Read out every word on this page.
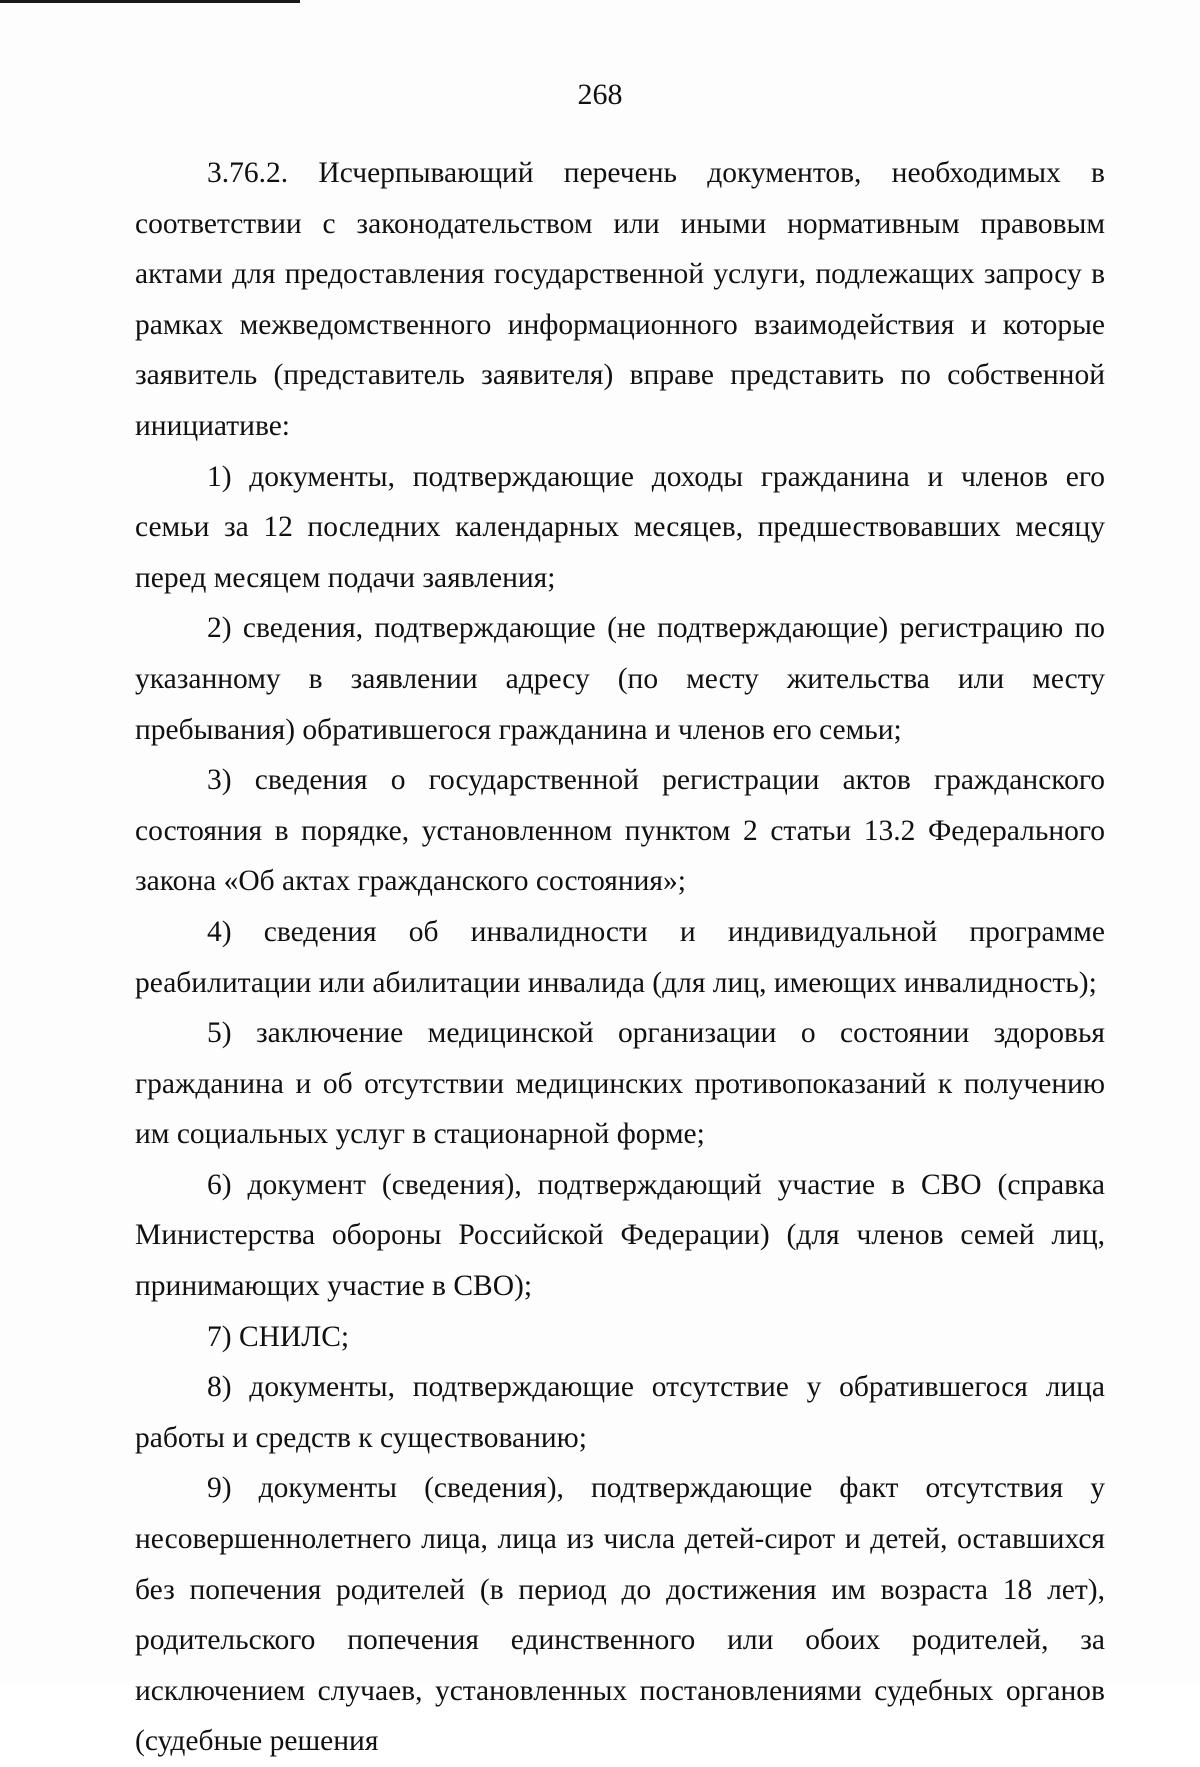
268

3.76.2. Исчерпывающий перечень документов, необходимых в соответствии с законодательством или иными нормативным правовым актами для предоставления государственной услуги, подлежащих запросу в рамках межведомственного информационного взаимодействия и которые заявитель (представитель заявителя) вправе представить по собственной инициативе:

1) документы, подтверждающие доходы гражданина и членов его семьи за 12 последних календарных месяцев, предшествовавших месяцу перед месяцем подачи заявления;

2) сведения, подтверждающие (не подтверждающие) регистрацию по указанному в заявлении адресу (по месту жительства или месту пребывания) обратившегося гражданина и членов его семьи;

3) сведения о государственной регистрации актов гражданского состояния в порядке, установленном пунктом 2 статьи 13.2 Федерального закона «Об актах гражданского состояния»;

4) сведения об инвалидности и индивидуальной программе реабилитации или абилитации инвалида (для лиц, имеющих инвалидность);

5) заключение медицинской организации о состоянии здоровья гражданина и об отсутствии медицинских противопоказаний к получению им социальных услуг в стационарной форме;

6) документ (сведения), подтверждающий участие в СВО (справка Министерства обороны Российской Федерации) (для членов семей лиц, принимающих участие в СВО);

7) СНИЛС;

8) документы, подтверждающие отсутствие у обратившегося лица работы и средств к существованию;

9) документы (сведения), подтверждающие факт отсутствия у несовершеннолетнего лица, лица из числа детей-сирот и детей, оставшихся без попечения родителей (в период до достижения им возраста 18 лет), родительского попечения единственного или обоих родителей, за исключением случаев, установленных постановлениями судебных органов (судебные решения
